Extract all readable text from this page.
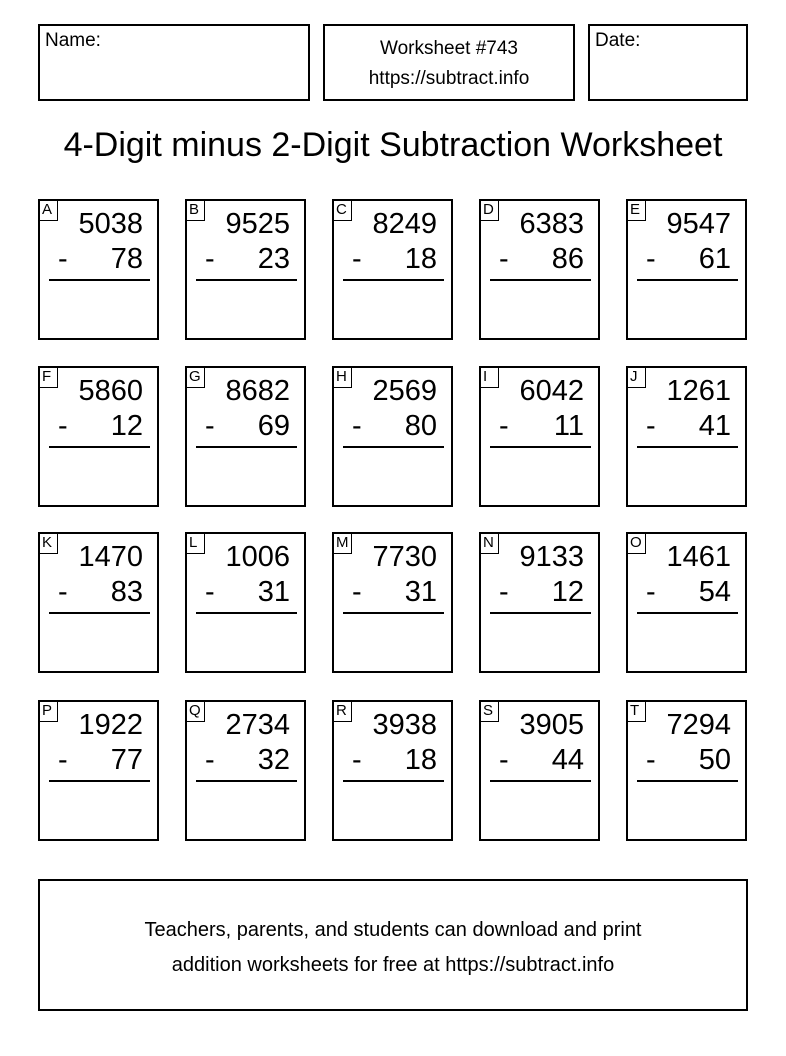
Name:	Worksheet #743
https://subtract.info
Date:
4-Digit minus 2-Digit Subtraction Worksheet
A 5038
- 78
B 9525
- 23
C 8249
- 18
D 6383
- 86
E 9547
- 61
F 5860
- 12
G 8682
- 69
H 2569
- 80
I	6042
- 11
J 1261
- 41
K 1470
- 83
L 1006
- 31
M 7730
- 31
N 9133
- 12
O 1461
- 54
P 1922
- 77
Q 2734
- 32
R 3938
- 18
S 3905
- 44
T 7294
- 50
Teachers, parents, and students can download and print
addition worksheets for free at https://subtract.info
